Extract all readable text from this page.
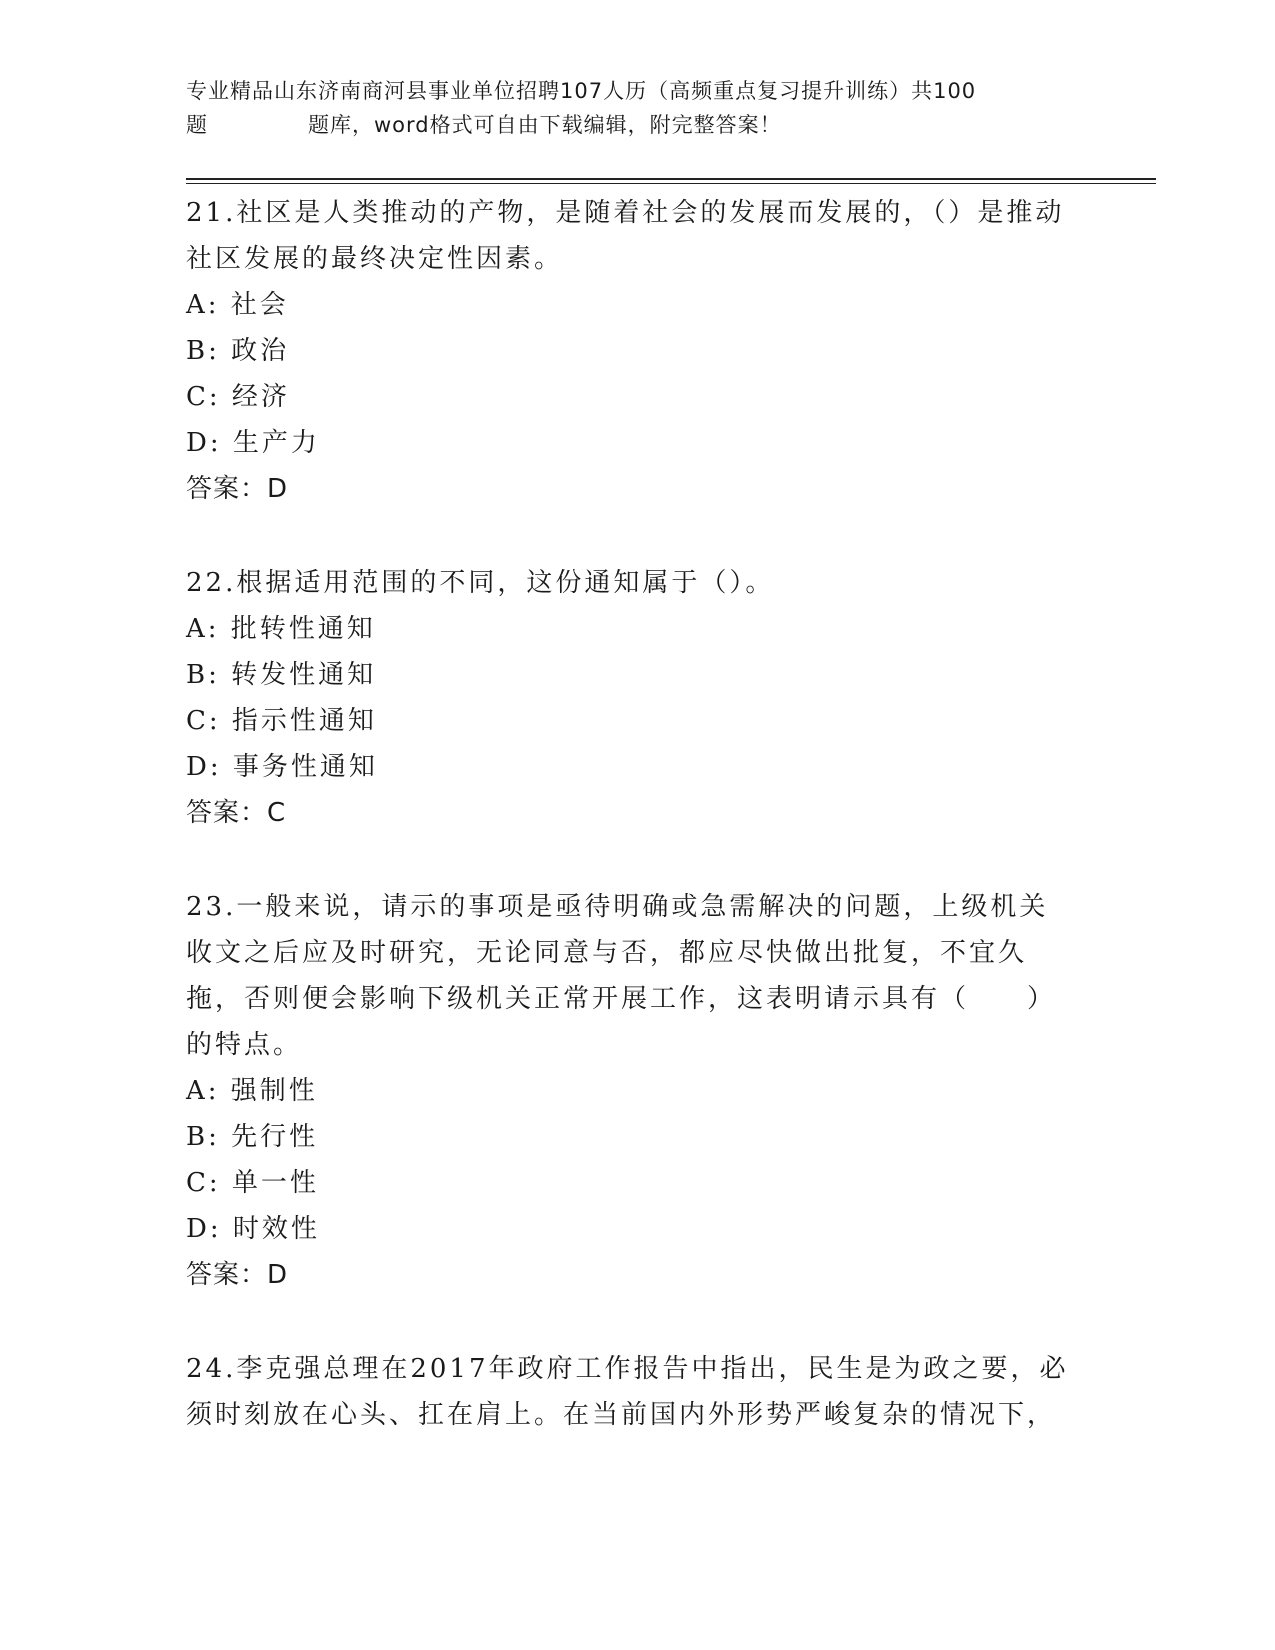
专业精品山东济南商河县事业单位招聘107人历（高频重点复习提升训练）共100
题	题库，word格式可自由下载编辑，附完整答案！
21.社区是人类推动的产物，是随着社会的发展而发展的，（）是推动社区发展的最终决定性因素。
A: 社会
B: 政治
C: 经济
D: 生产力
答案：D
22.根据适用范围的不同，这份通知属于（）。
A: 批转性通知
B: 转发性通知
C: 指示性通知
D: 事务性通知
答案：C
23.一般来说，请示的事项是亟待明确或急需解决的问题，上级机关收文之后应及时研究，无论同意与否，都应尽快做出批复，不宜久拖，否则便会影响下级机关正常开展工作，这表明请示具有（　　）的特点。
A: 强制性
B: 先行性
C: 单一性
D: 时效性
答案：D
24.李克强总理在2017年政府工作报告中指出，民生是为政之要，必须时刻放在心头、扛在肩上。在当前国内外形势严峻复杂的情况下，
